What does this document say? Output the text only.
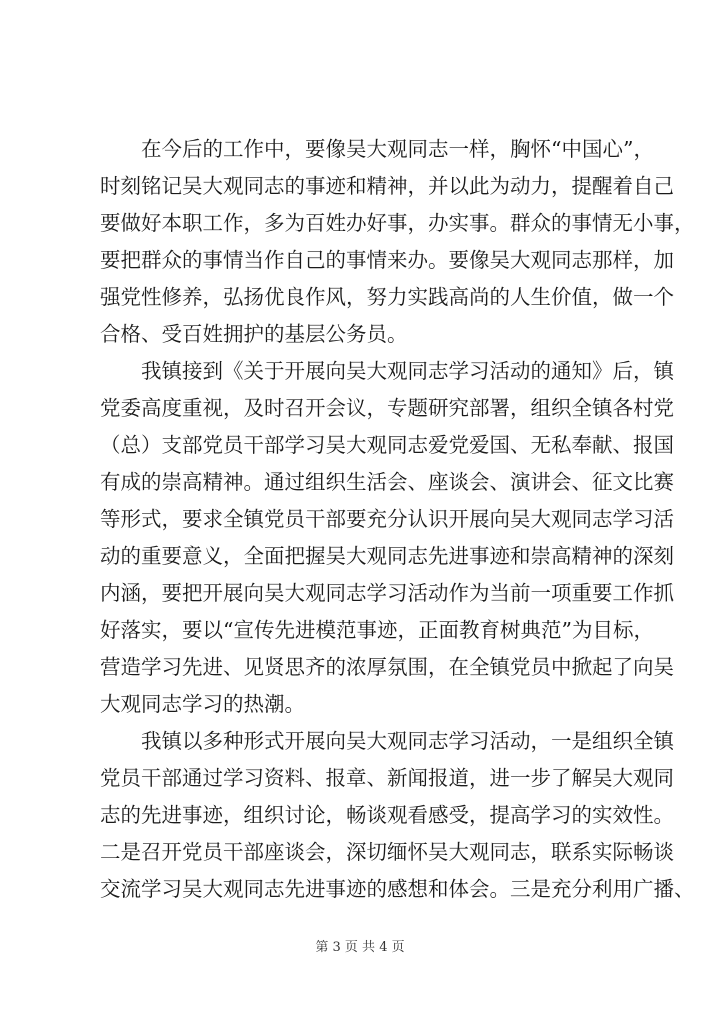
在今后的工作中，要像吴大观同志一样，胸怀“中国心”，
时刻铭记吴大观同志的事迹和精神，并以此为动力，提醒着自己
要做好本职工作，多为百姓办好事，办实事。群众的事情无小事，
要把群众的事情当作自己的事情来办。要像吴大观同志那样，加
强党性修养，弘扬优良作风，努力实践高尚的人生价值，做一个
合格、受百姓拥护的基层公务员。
我镇接到《关于开展向吴大观同志学习活动的通知》后，镇
党委高度重视，及时召开会议，专题研究部署，组织全镇各村党
（总）支部党员干部学习吴大观同志爱党爱国、无私奉献、报国
有成的崇高精神。通过组织生活会、座谈会、演讲会、征文比赛
等形式，要求全镇党员干部要充分认识开展向吴大观同志学习活
动的重要意义，全面把握吴大观同志先进事迹和崇高精神的深刻
内涵，要把开展向吴大观同志学习活动作为当前一项重要工作抓
好落实，要以“宣传先进模范事迹，正面教育树典范”为目标，
营造学习先进、见贤思齐的浓厚氛围，在全镇党员中掀起了向吴
大观同志学习的热潮。
我镇以多种形式开展向吴大观同志学习活动，一是组织全镇
党员干部通过学习资料、报章、新闻报道，进一步了解吴大观同
志的先进事迹，组织讨论，畅谈观看感受，提高学习的实效性。
二是召开党员干部座谈会，深切缅怀吴大观同志，联系实际畅谈
交流学习吴大观同志先进事迹的感想和体会。三是充分利用广播、
第 3 页 共 4 页
